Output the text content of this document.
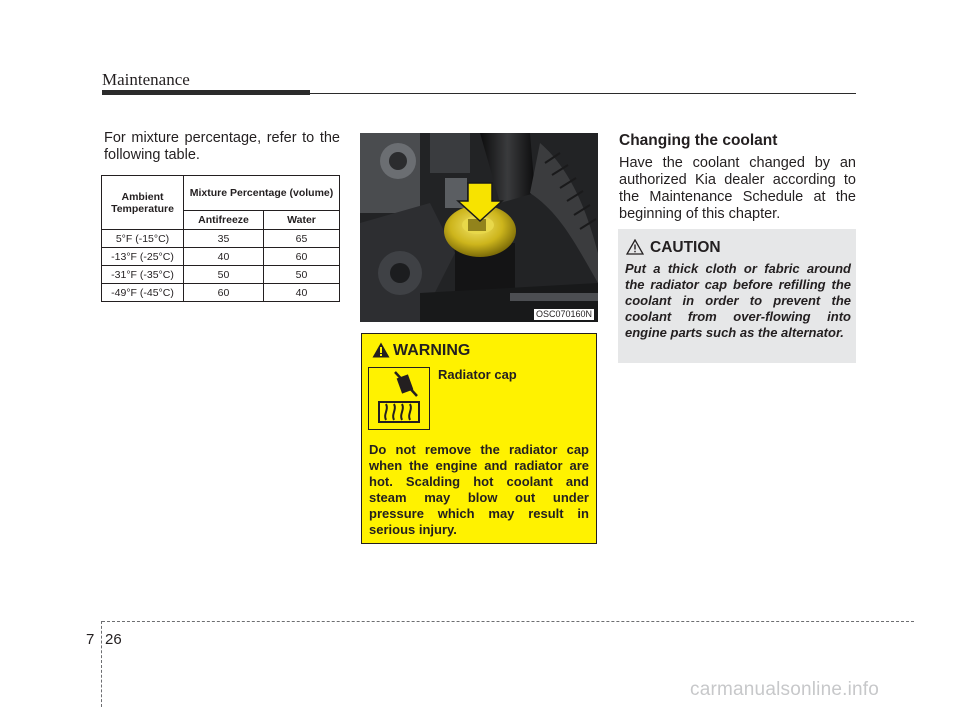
Maintenance
For mixture percentage, refer to the following table.
Ambient Temperature	Mixture Percentage (volume)	
	Antifreeze	Water
5°F (-15°C)	35	65
-13°F (-25°C)	40	60
-31°F (-35°C)	50	50
-49°F (-45°C)	60	40
OSC070160N
WARNING
Radiator cap
Do not remove the radiator cap when the engine and radiator are hot. Scalding hot coolant and steam may blow out under pressure which may result in serious injury.
Changing the coolant
Have the coolant changed by an authorized Kia dealer according to the Maintenance Schedule at the beginning of this chapter.
CAUTION
Put a thick cloth or fabric around the radiator cap before refilling the coolant in order to prevent the coolant from over-flowing into engine parts such as the alternator.
7 26
carmanualsonline.info
